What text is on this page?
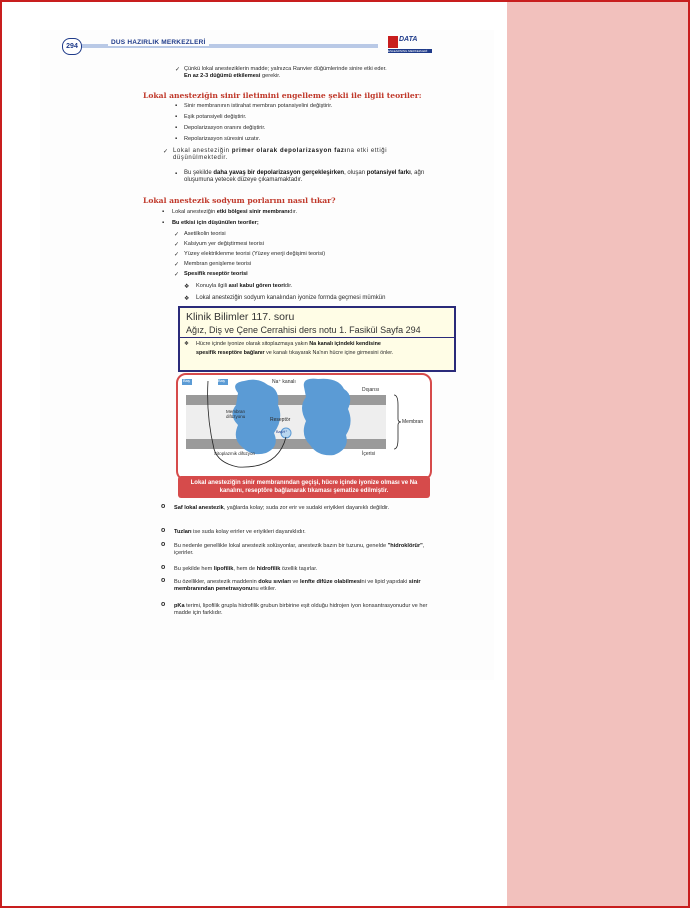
294
DUS HAZIRLIK MERKEZLERİ	DATA
ESLEARNING MERKEZLERİ
✓ Çünkü lokal anesteziklerin madde; yalnızca Ranvier düğümlerinde sinire etki eder.
En az 2-3 düğümü etkilemesi gerekir.
Lokal anesteziğin sinir iletimini engelleme şekli ile ilgili teoriler:
▪ Sinir membranının istirahat membran potansiyelini değiştirir.
▪ Eşik potansiyeli değiştirir.
▪ Depolarizasyon oranını değiştirir.
▪ Repolarizasyon süresini uzatır.
✓ Lokal anesteziğin primer olarak depolarizasyon fazına etki ettiği düşünülmektedir.
▪ Bu şekilde daha yavaş bir depolarizasyon gerçekleşirken, oluşan potansiyel farkı, ağrı oluşumuna yetecek düzeye çıkamamaktadır.
Lokal anestezik sodyum porlarını nasıl tıkar?
▪ Lokal anesteziğin etki bölgesi sinir membranıdır.
▪ Bu etkisi için düşünülen teoriler;
✓ Asetilkolin teorisi
✓ Kalsiyum yer değiştirmesi teorisi
✓ Yüzey elektriklenme teorisi (Yüzey enerji değişimi teorisi)
✓ Membran genişleme teorisi
✓ Spesifik reseptör teorisi
❖ Konuyla ilgili asıl kabul gören teoridir.
❖ Lokal anesteziğin sodyum kanalından iyonize formda geçmesi mümkün
Klinik Bilimler 117. soru
Ağız, Diş ve Çene Cerrahisi ders notu 1. Fasikül Sayfa 294
❖ Hücre içinde iyonize olarak sitoplazmaya yakın Na kanalı içindeki kendisine
spesifik reseptöre bağlanır ve kanalı tıkayarak Na'nın hücre içine girmesini önler.
Na⁺ kanalı
Dışarısı
Membran
İçerisi
Reseptör
Membran difüzyonu
Sitoplazmik difüzyon
Baş	Baş
BaşH⁺
Lokal anesteziğin sinir membranından geçişi, hücre içinde iyonize olması ve Na kanalını, reseptöre bağlanarak tıkaması şematize edilmiştir.
o Saf lokal anestezik, yağlarda kolay; suda zor erir ve sudaki eriyikleri dayanıklı değildir.
o Tuzları ise suda kolay erirler ve eriyikleri dayanıklıdır.
o Bu nedenle genellikle lokal anestezik solüsyonlar, anestezik bazın bir tuzunu, genelde "hidroklörür", içerirler.
o Bu şekilde hem lipofilik, hem de hidrofilik özellik taşırlar.
o Bu özellikler, anestezik maddenin doku sıvıları ve lenfte difüze olabilmesini ve lipid yapıdaki sinir membranından penetrasyonunu etkiler.
o pKa terimi, lipofilik grupla hidrofilik grubun birbirine eşit olduğu hidrojen iyon konsantrasyonudur ve her madde için farklıdır.
